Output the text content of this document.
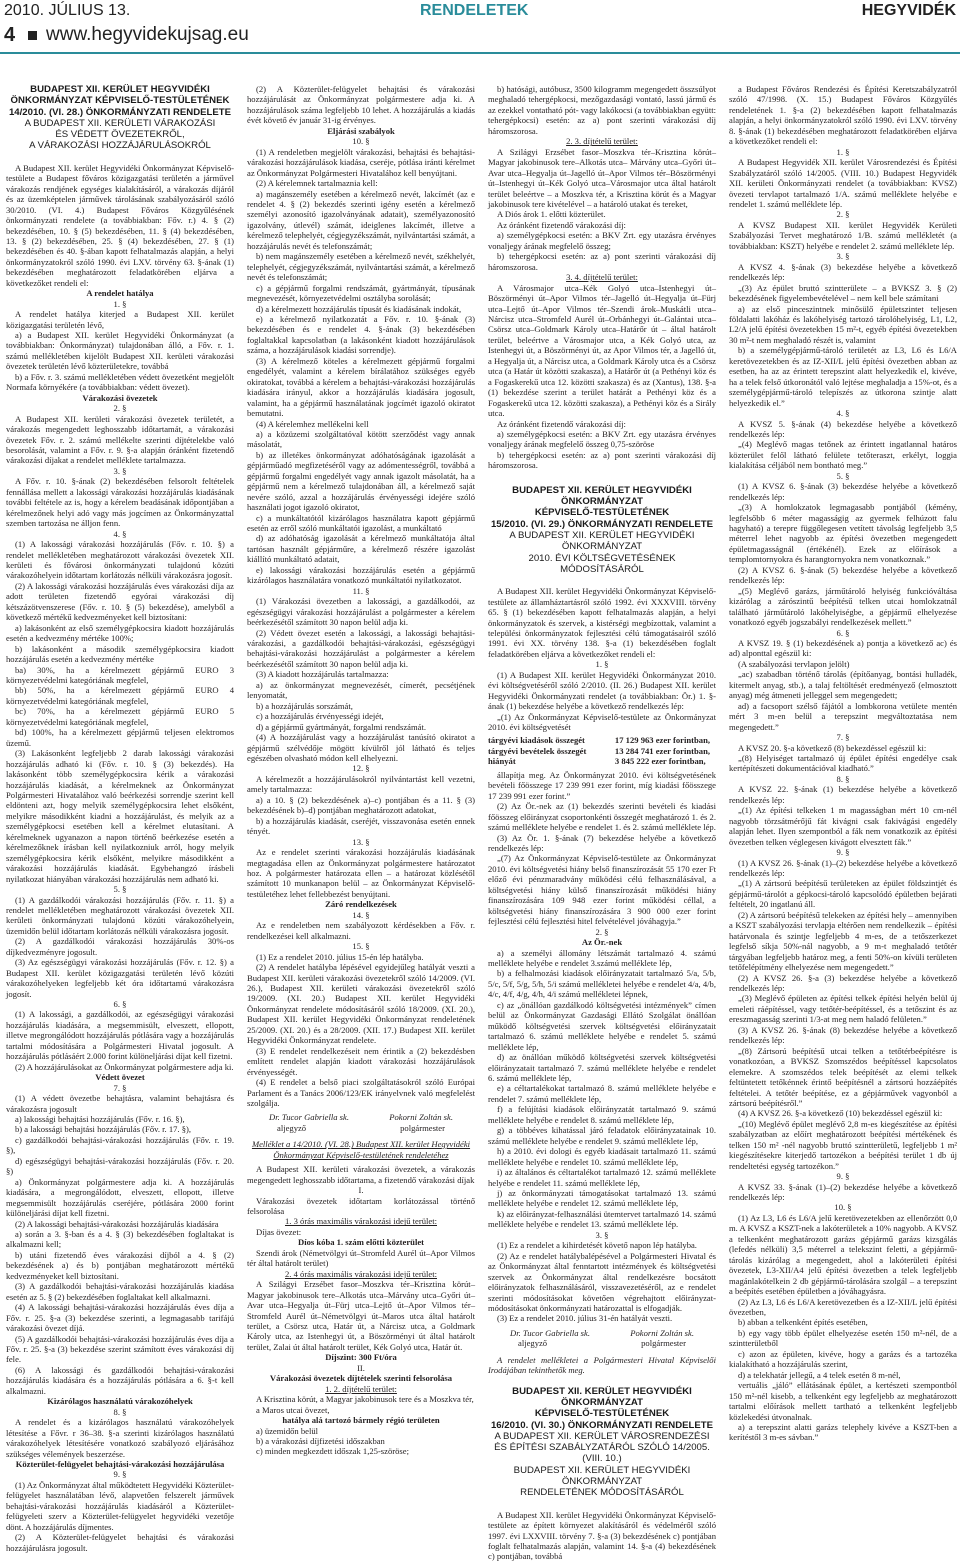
2010. JÚLIUS 13.	RENDELETEK	HEGYVIDÉK
4 www.hegyvidekujsag.eu
BUDAPEST XII. KERÜLET HEGYVIDÉKI
ÖNKORMÁNYZAT KÉPVISELŐ-TESTÜLETÉNEK
14/2010. (VI. 28.) ÖNKORMÁNYZATI RENDELETE
A BUDAPEST XII. KERÜLETI VÁRAKOZÁSI
ÉS VÉDETT ÖVEZETEKRŐL,
A VÁRAKOZÁSI HOZZÁJÁRULÁSOKRÓL

A Budapest XII. kerület Hegyvidéki Önkormányzat Képviselő-testülete a Budapest főváros közigazgatási területén a járművel várakozás rendjének egységes kialakításáról, a várakozás díjáról és az üzemképtelen járművek tárolásának szabályozásáról szóló 30/2010. (VI. 4.) Budapest Főváros Közgyűlésének önkormányzati rendelete (a továbbiakban: Főv. r.) 4. § (2) bekezdésében, 10. § (5) bekezdésében, 11. § (4) bekezdésében, 13. § (2) bekezdésében, 25. § (4) bekezdésében, 27. § (1) bekezdésében és 40. §-ában kapott felhatalmazás alapján, a helyi önkormányzatokról szóló 1990. évi LXV. törvény 63. §-ának (1) bekezdésében meghatározott feladatkörében eljárva a következőket rendeli el:

A rendelet hatálya

1. §

A rendelet hatálya kiterjed a Budapest XII. kerület közigazgatási területén lévő,

a) a Budapest XII. kerület Hegyvidéki Önkormányzat (a továbbiakban: Önkormányzat) tulajdonában álló, a Főv. r. 1. számú mellékletében kijelölt Budapest XII. kerületi várakozási övezetek területén lévő közterületekre, továbbá

b) a Főv. r. 3. számú mellékletében védett övezetként megjelölt Normafa környékére (a továbbiakban: védett övezet).

Várakozási övezetek

2. §

A Budapest XII. kerületi várakozási övezetek területét, a várakozás megengedett leghosszabb időtartamát, a várakozási övezetek Főv. r. 2. számú mellékelte szerinti díjtételekbe való besorolását, valamint a Főv. r. 9. §-a alapján óránként fizetendő várakozási díjakat a rendelet melléklete tartalmazza.

3. §

A Főv. r. 10. §-ának (2) bekezdésében felsorolt feltételek fennállása mellett a lakossági várakozási hozzájárulás kiadásának további feltétele az is, hogy a kérelem beadásának időpontjában a kérelmezőnek helyi adó vagy más jogcímen az Önkormányzattal szemben tartozása ne álljon fenn.

4. §

(1) A lakossági várakozási hozzájárulás (Főv. r. 10. §) a rendelet mellékletében meghatározott várakozási övezetek XII. kerületi és fővárosi önkormányzati tulajdonú közúti várakozóhelyein időtartam korlátozás nélküli várakozásra jogosít.

(2) A lakossági várakozási hozzájárulás éves várakozási díja az adott területen fizetendő egyórai várakozási díj kétszázötvenszerese (Főv. r. 10. § (5) bekezdése), amelyből a következő mértékű kedvezményeket kell biztosítani:

a) lakásonként az első személygépkocsira kiadott hozzájárulás esetén a kedvezmény mértéke 100%;

b) lakásonként a második személygépkocsira kiadott hozzájárulás esetén a kedvezmény mértéke

ba) 30%, ha a kérelmezett gépjármű EURO 3 környezetvédelmi kategóriának megfelel,

bb) 50%, ha a kérelmezett gépjármű EURO 4 környezetvédelmi kategóriának megfelel,

bc) 70%, ha a kérelmezett gépjármű EURO 5 környezetvédelmi kategóriának megfelel,

bd) 100%, ha a kérelmezett gépjármű teljesen elektromos üzemű.

(3) Lakásonként legfeljebb 2 darab lakossági várakozási hozzájárulás adható ki (Főv. r. 10. § (3) bekezdés). Ha lakásonként több személygépkocsira kérik a várakozási hozzájárulás kiadását, a kérelmeknek az Önkormányzat Polgármesteri Hivatalához való beérkezési sorrendje szerint kell eldönteni azt, hogy melyik személygépkocsira lehet elsőként, melyikre másodikként kiadni a hozzájárulást, és melyik az a személygépkocsi esetében kell a kérelmet elutasítani. A kérelmeknek ugyanazon a napon történő beérkezése esetén a kérelmezőknek írásban kell nyilatkozniuk arról, hogy melyik személygépkocsira kérik elsőként, melyikre másodikként a várakozási hozzájárulás kiadását. Egybehangzó írásbeli nyilatkozat hiányában várakozási hozzájárulás nem adható ki.

5. §

(1) A gazdálkodói várakozási hozzájárulás (Főv. r. 11. §) a rendelet mellékletében meghatározott várakozási övezetek XII. kerületi önkormányzati tulajdonú közúti várakozóhelyein, üzemidőn belül időtartam korlátozás nélküli várakozásra jogosít.

(2) A gazdálkodói várakozási hozzájárulás 30%-os díjkedvezményre jogosult.

(3) Az egészségügyi várakozási hozzájárulás (Főv. r. 12. §) a Budapest XII. kerület közigazgatási területén lévő közúti várakozóhelyeken legfeljebb két óra időtartamú várakozásra jogosít.

6. §

(1) A lakossági, a gazdálkodói, az egészségügyi várakozási hozzájárulás kiadására, a megsemmisült, elveszett, ellopott, illetve megrongálódott hozzájárulás pótlására vagy a hozzájárulás tartalmi módosítására a Polgármesteri Hivatal jogosult. A hozzájárulás pótlásáért 2.000 forint különeljárási díjat kell fizetni.

(2) A hozzájárulásokat az Önkormányzat polgármestere adja ki.

Védett övezet

7. §

(1) A védett övezetbe behajtásra, valamint behajtásra és várakozásra jogosult

a) lakossági behajtási hozzájárulás (Főv. r. 16. §),

b) a lakossági behajtási hozzájárulás (Főv. r. 17. §),

c) gazdálkodói behajtási-várakozási hozzájárulás (Főv. r. 19. §),

d) egészségügyi behajtási-várakozási hozzájárulás (Főv. r. 20. §)

a) Önkormányzat polgármestere adja ki. A hozzájárulás kiadására, a megrongálódott, elveszett, ellopott, illetve megsemmisült hozzájárulás cseréjére, pótlására 2000 forint különeljárási díjat kell fizetni.

(2) A lakossági behajtási-várakozási hozzájárulás kiadására

a) során a 3. §-ban és a 4. § (3) bekezdésében foglaltakat is alkalmazni kell;

b) utáni fizetendő éves várakozási díjból a 4. § (2) bekezdésének a) és b) pontjában meghatározott mértékű kedvezményeket kell biztosítani.

(3) A gazdálkodói behajtási-várakozási hozzájárulás kiadása esetén az 5. § (2) bekezdésében foglaltakat kell alkalmazni.

(4) A lakossági behajtási-várakozási hozzájárulás éves díja a Főv. r. 25. §-a (3) bekezdése szerinti, a legmagasabb tarifájú várakozási övezet díjá.

(5) A gazdálkodói behajtási-várakozási hozzájárulás éves díja a Főv. r. 25. §-a (3) bekezdése szerint számított éves várakozási díj fele.

(6) A lakossági és gazdálkodói behajtási-várakozási hozzájárulás kiadására és a hozzájárulás pótlására a 6. §-t kell alkalmazni.

Kizárólagos használatú várakozóhelyek

8. §

A rendelet és a kizárólagos használatú várakozóhelyek létesítése a Fővr. r 36–38. §-a szerinti kizárólagos használatú várakozóhelyek létesítésére vonatkozó szabályozó eljárásához szükséges vélemények beszerzése.

Közterület-felügyelet behajtási-várakozási hozzájárulása

9. §

(1) Az Önkormányzat által működtetett Hegyvidéki Közterület-felügyelet használatában lévő, alapvetően felszerelt járművek behajtási-várakozási hozzájárulás kiadásáról a Közterület-felügyeleti szerv a Közterület-felügyelet hegyvidéki vezetője dönt. A hozzájárulás díjmentes.

(2) A Közterület-felügyelet behajtási és várakozási hozzájárulásra jogosult.

(2) A Közterület-felügyelet behajtási és várakozási hozzájárulását az Önkormányzat polgármestere adja ki. A hozzájárulások száma legfeljebb 10 lehet. A hozzájárulás a kiadás évét követő év január 31-ig érvényes.

Eljárási szabályok

10. §

(1) A rendeletben megjelölt várakozási, behajtási és behajtási-várakozási hozzájárulások kiadása, cseréje, pótlása iránti kérelmet az Önkormányzat Polgármesteri Hivatalához kell benyújtani.

(2) A kérelemnek tartalmaznia kell:

a) magánszemély esetében a kérelmező nevét, lakcímét (az e rendelet 4. § (2) bekezdés szerinti igény esetén a kérelmező személyi azonosító igazolványának adatait), személyazonosító igazolvány, útlevél) számát, ideiglenes lakcímét, illetve a kérelmező telephelyét, cégjegyzékszámát, nyilvántartási számát, a hozzájárulás nevét és telefonszámát;

b) nem magánszemély esetében a kérelmező nevét, székhelyét, telephelyét, cégjegyzékszámát, nyilvántartási számát, a kérelmező nevét és telefonszámát;

c) a gépjármű forgalmi rendszámát, gyártmányát, típusának megnevezését, környezetvédelmi osztályba sorolását;

d) a kérelmezett hozzájárulás típusát és kiadásának indokát,

e) a kérelmező nyilatkozatát a Főv. r. 10. §-ának (3) bekezdésében és e rendelet 4. §-ának (3) bekezdésében foglaltakkal kapcsolatban (a lakásonként kiadott hozzájárulások száma, a hozzájárulások kiadási sorrendje).

(3) A kérelmező köteles a kérelmezett gépjármű forgalmi engedélyét, valamint a kérelem bírálatához szükséges egyéb okiratokat, továbbá a kérelem a behajtási-várakozási hozzájárulás kiadására irányul, akkor a hozzájárulás kiadására jogosult, valamint, ha a gépjármű használatának jogcímét igazoló okiratot bemutatni.

(4) A kérelemhez mellékelni kell

a) a közüzemi szolgáltatóval kötött szerződést vagy annak másolatát,

b) az illetékes önkormányzat adóhatóságának igazolását a gépjárműadó megfizetéséről vagy az adómentességről, továbbá a gépjármű forgalmi engedélyét vagy annak igazolt másolatát, ha a gépjármű nem a kérelmező tulajdonában áll, a kérelmező saját nevére szóló, azzal a hozzájárulás érvényességi idejére szóló használati jogot igazoló okiratot,

c) a munkáltatótól kizárólagos használatra kapott gépjármű esetén az erről szóló munkáltatói igazolást, a munkáltató

d) az adóhatóság igazolását a kérelmező munkáltatója által tartósan használt gépjárműre, a kérelmező részére igazolást kiállító munkáltató adatait,

e) lakossági várakozási hozzájárulás esetén a gépjármű kizárólagos használatára vonatkozó munkáltatói nyilatkozatot.

11. §

(1) Várakozási övezetben a lakossági, a gazdálkodói, az egészségügyi várakozási hozzájárulást a polgármester a kérelem beérkezésétől számított 30 napon belül adja ki.

(2) Védett övezet esetén a lakossági, a lakossági behajtási-várakozási, a gazdálkodói behajtási-várakozási, egészségügyi behajtási-várakozási hozzájárulást a polgármester a kérelem beérkezésétől számított 30 napon belül adja ki.

(3) A kiadott hozzájárulás tartalmazza:

a) az önkormányzat megnevezését, címerét, pecsétjének lenyomatát,

b) a hozzájárulás sorszámát,

c) a hozzájárulás érvényességi idejét,

d) a gépjármű gyártmányát, forgalmi rendszámát.

(4) A hozzájárulást vagy a hozzájárulást tanúsító okiratot a gépjármű szélvédője mögött kívülről jól látható és teljes egészében olvasható módon kell elhelyezni.

12. §

A kérelmezőt a hozzájárulásokról nyilvántartást kell vezetni, amely tartalmazza:

a) a 10. § (2) bekezdésének a)–c) pontjában és a 11. § (3) bekezdésének b)–d) pontjában meghatározott adatokat,

b) a hozzájárulás kiadását, cseréjét, visszavonása esetén ennek tényét.

13. §

Az e rendelet szerinti várakozási hozzájárulás kiadásának megtagadása ellen az Önkormányzat polgármestere határozatot hoz. A polgármester határozata ellen – a határozat közlésétől számított 10 munkanapon belül – az Önkormányzat Képviselő-testületéhez lehet fellebbezést benyújtani.

Záró rendelkezések

14. §

Az e rendeletben nem szabályozott kérdésekben a Főv. r. rendelkezései kell alkalmazni.

15. §

(1) Ez a rendelet 2010. július 15-én lép hatályba.

(2) A rendelet hatályba lépésével egyidejűleg hatályát veszti a Budapest XII. kerületi várakozási övezetekről szóló 14/2009. (VI. 26.), Budapest XII. kerületi várakozási övezetekről szóló 19/2009. (XI. 20.) Budapest XII. kerület Hegyvidéki Önkormányzat rendelete módosításáról szóló 18/2009. (XI. 20.), Budapest XII. kerület Hegyvidéki Önkormányzat rendeletének 25/2009. (XI. 20.) és a 28/2009. (XII. 17.) Budapest XII. kerület Hegyvidéki Önkormányzat rendelete.

(3) E rendelet rendelkezéseit nem érintik a (2) bekezdésben említett rendelet alapján kiadott várakozási hozzájárulások érvényességét.

(4) E rendelet a belső piaci szolgáltatásokról szóló Európai Parlament és a Tanács 2006/123/EK irányelvnek való megfelelést szolgálja.

Dr. Tucor Gabriella sk.	Pokorni Zoltán sk.
aljegyző	polgármester

Melléklet a 14/2010. (VI. 28.) Budapest XII. kerület Hegyvidéki Önkormányzat Képviselő-testületének rendeletéhez

A Budapest XII. kerületi várakozási övezetek, a várakozás megengedett leghosszabb időtartama, a fizetendő várakozási díjak

I.

Várakozási övezetek időtartam korlátozással történő felsorolása

1. 3 órás maximális várakozási idejű terület:

Díjas övezet:

Díos kóba 1. szám előtti közterület

Szendi árok (Németvölgyi út–Stromfeld Aurél út–Apor Vilmos tér által határolt terület)

2. 4 órás maximális várakozási idejű terület:

A Szilágyi Erzsébet fasor–Moszkva tér–Krisztina körút–Magyar jakobinusok tere–Alkotás utca–Márvány utca–Győri út–Avar utca–Hegyalja út–Fürj utca–Lejtő út–Apor Vilmos tér–Stromfeld Aurél út–Németvölgyi út–Maros utca által határolt terület, a Csörsz utca, Határ út, a Nárcisz utca, a Goldmark Károly utca, az Istenhegyi út, a Böszörményi út által határolt terület, Zalai út által határolt terület, Kék Golyó utca, Határ út.

Díjszint: 300 Ft/óra

II.

Várakozási övezetek díjtételek szerinti felsorolása

1. 2. díjtételű terület:

A Krisztina körút, a Magyar jakobinusok tere és a Moszkva tér,

a Maros utcai övezet,

hatálya alá tartozó bármely régió területen

a) üzemidőn belül

b) a várakozási díjfizetési időszakban

c) minden megkezdett időszak 1,25-szöröse;

b) hatósági, autóbusz, 3500 kilogramm megengedett összsúlyot meghaladó tehergépkocsi, mezőgazdasági vontató, lassú jármű és az ezekkel vontatható pót- vagy lakókocsi (a továbbiakban együtt: tehergépkocsi) esetén: az a) pont szerinti várakozási díj háromszorosa.

2. 3. díjtételű terület:

A Szilágyi Erzsébet fasor–Moszkva tér–Krisztina körút–Magyar jakobinusok tere–Alkotás utca– Márvány utca–Győri út–Avar utca–Hegyalja út–Jagelló út–Apor Vilmos tér–Böszörményi út–Istenhegyi út–Kék Golyó utca–Városmajor utca által határolt terület beleértve – a Moszkva tér, a Krisztina körút és a Magyar jakobinusok tere kivételével – a határoló utakat és tereket,

A Diós árok 1. előtti közterület.

Az óránként fizetendő várakozási díj:

a) személygépkocsi esetén: a BKV Zrt. egy utazásra érvényes vonaljegy árának megfelelő összeg;

b) tehergépkocsi esetén: az a) pont szerinti várakozási díj háromszorosa.

3. 4. díjtételű terület:

A Városmajor utca–Kék Golyó utca–Istenhegyi út–Böszörményi út–Apor Vilmos tér–Jagelló út–Hegyalja út–Fürj utca–Lejtő út–Apor Vilmos tér–Szendi árok–Muskátli utca–Nárcisz utca–Stromfeld Aurél út–Orbánhegyi út–Galántai utca–Csörsz utca–Goldmark Károly utca–Határőr út – által határolt terület, beleértve a Városmajor utca, a Kék Golyó utca, az Istenhegyi út, a Böszörményi út, az Apor Vilmos tér, a Jagelló út, a Hegyalja út, a Nárcisz utca, a Goldmark Károly utca és a Csörsz utca (a Határ út közötti szakasza), a Határőr út (a Pethényi köz és a Fogaskerekű utca 12. közötti szakasza) és az (Xantus), 138. §-a (1) bekezdése szerint a terület határát a Pethényi köz és a Fogaskerekű utca 12. közötti szakasza), a Pethényi köz és a Sirály utca.

Az óránként fizetendő várakozási díj:

a) személygépkocsi esetén: a BKV Zrt. egy utazásra érvényes vonaljegy árának megfelelő összeg 0,75-szöröse

b) tehergépkocsi esetén: az a) pont szerinti várakozási díj háromszorosa.

BUDAPEST XII. KERÜLET HEGYVIDÉKI
ÖNKORMÁNYZAT
KÉPVISELŐ-TESTÜLETÉNEK
15/2010. (VI. 29.) ÖNKORMÁNYZATI RENDELETE
A BUDAPEST XII. KERÜLET HEGYVIDÉKI
ÖNKORMÁNYZAT
2010. ÉVI KÖLTSÉGVETÉSÉNEK MÓDOSÍTÁSÁRÓL

A Budapest XII. kerület Hegyvidéki Önkormányzat Képviselő-testülete az államháztartásról szóló 1992. évi XXXVIII. törvény 65. § (1) bekezdésében kapott felhatalmazás alapján, a helyi önkormányzatok és szervek, a kistérségi megbízottak, valamint a települési önkormányzatok fejlesztési célú támogatásairól szóló 1991. évi XX. törvény 138. §-a (1) bekezdésében foglalt feladatkörében eljárva a következőket rendeli el:

1. §

(1) A Budapest XII. kerület Hegyvidéki Önkormányzat 2010. évi költségvetéséről szóló 2/2010. (II. 26.) Budapest XII. kerület Hegyvidéki Önkormányzati rendelet (a továbbiakban: Ör.) 1. §-ának (1) bekezdése helyébe a következő rendelkezés lép:

„(1) Az Önkormányzat Képviselő-testülete az Önkormányzat 2010. évi költségvetését

tárgyévi kiadások összegét	17 129 963 ezer forintban,
tárgyévi bevételek összegét	13 284 741 ezer forintban,
hiányát	3 845 222 ezer forintban,

állapítja meg. Az Önkormányzat 2010. évi költségvetésének bevételi főösszege 17 239 991 ezer forint, míg kiadási főösszege 17 239 991 ezer forint.”

(2) Az Ör.-nek az (1) bekezdés szerinti bevételi és kiadási főösszeg előirányzat csoportonkénti összegét meghatározó 1. és 2. számú melléklete helyébe e rendelet 1. és 2. számú melléklete lép.

(3) Az Ör. 1. §-ának (7) bekezdése helyébe a következő rendelkezés lép:

„(7) Az Önkormányzat Képviselő-testülete az Önkormányzat 2010. évi költségvetési hiány belső finanszírozását 55 170 ezer Ft előző évi pénzmaradvány működési célú felhasználásával, a költségvetési hiány külső finanszírozását működési hiány finanszírozására 109 948 ezer forint működési céllal, a költségvetési hiány finanszírozására 3 900 000 ezer forint fejlesztési célú fejlesztési hitel felvételével jóváhagyja.”

2. §

Az Ör.-nek

a) a személyi állomány létszámát tartalmazó 4. számú melléklete helyébe e rendelet 3.számú melléklete lép,

b) a felhalmozási kiadások előirányzatait tartalmazó 5/a, 5/b, 5/c, 5/f, 5/g, 5/h, 5/i számú mellékletei helyébe e rendelet 4/a, 4/b, 4/c, 4/f, 4/g, 4/h, 4/i számú mellékletei lépnek,

c) az „önállóan gazdálkodó költségvetési intézmények” címen belül az Önkormányzat Gazdasági Ellátó Szolgálat önállóan működő költségvetési szervek költségvetési előirányzatait tartalmazó 6. számú melléklete helyébe e rendelet 5. számú melléklete lép,

d) az önállóan működő költségvetési szervek költségvetési előirányzatait tartalmazó 7. számú melléklete helyébe e rendelet 6. számú melléklete lép,

e) a céltartalékokat tartalmazó 8. számú melléklete helyébe e rendelet 7. számú melléklete lép,

f) a felújítási kiadások előirányzatát tartalmazó 9. számú melléklete helyébe e rendelet 8. számú melléklete lép,

g) a többéves kihatással járó feladatok előirányzatainak 10. számú melléklete helyébe e rendelet 9. számú melléklete lép,

h) a 2010. évi dologi és egyéb kiadásait tartalmazó 11. számú melléklete helyébe e rendelet 10. számú melléklete lép,

i) az általános és céltartalékot tartalmazó 12. számú melléklete helyébe e rendelet 11. számú melléklete lép,

j) az önkormányzati támogatásokat tartalmazó 13. számú melléklete helyébe e rendelet 12. számú melléklete lép,

k) az előirányzat-felhasználási ütemtervet tartalmazó 14. számú melléklete helyébe e rendelet 13. számú melléklete lép.

3. §

(1) Ez a rendelet a kihirdetését követő napon lép hatályba.

(2) Az e rendelet hatálybalépésével a Polgármesteri Hivatal és az Önkormányzat által fenntartott intézmények és költségvetési szervek az Önkormányzat által rendelkezésre bocsátott előirányzatok felhasználásáról, visszavezetéséről, az e rendelet szerinti módosításokat követően végrehajtott előirányzat-módosításokat önkormányzati határozattal is elfogadják.

(3) Ez a rendelet 2010. július 31-én hatályát veszti.

Dr. Tucor Gabriella sk.	Pokorni Zoltán sk.
aljegyző	polgármester

A rendelet mellékletei a Polgármesteri Hivatal Képviselői Irodájában tekinthetők meg.

BUDAPEST XII. KERÜLET HEGYVIDÉKI
ÖNKORMÁNYZAT
KÉPVISELŐ-TESTÜLETÉNEK
16/2010. (VI. 30.) ÖNKORMÁNYZATI RENDELETE
A BUDAPEST XII. KERÜLET VÁROSRENDEZÉSI
ÉS ÉPÍTÉSI SZABÁLYZATÁRÓL SZÓLÓ 14/2005. (VIII. 10.)
BUDAPEST XII. KERÜLET HEGYVIDÉKI ÖNKORMÁNYZAT
RENDELETÉNEK MÓDOSÍTÁSÁRÓL

A Budapest XII. kerület Hegyvidéki Önkormányzat Képviselő-testülete az épített környezet alakításáról és védelméről szóló 1997. évi LXXVIII. törvény 7. §-a (3) bekezdésének c) pontjában foglalt felhatalmazás alapján, valamint 14. §-a (4) bekezdésének c) pontjában, továbbá

a Budapest Főváros Rendezési és Építési Keretszabályzatról szóló 47/1998. (X. 15.) Budapest Főváros Közgyűlés rendeletének 1. §-a (2) bekezdésében kapott felhatalmazás alapján, a helyi önkormányzatokról szóló 1990. évi LXV. törvény 8. §-ának (1) bekezdésében meghatározott feladatkörében eljárva a következőket rendeli el:

1. §

A Budapest Hegyvidék XII. kerület Városrendezési és Építési Szabályzatáról szóló 14/2005. (VIII. 10.) Budapest Hegyvidék XII. kerületi Önkormányzati rendelet (a továbbiakban: KVSZ) övezeti tervlapot tartalmazó 1/A. számú melléklete helyébe e rendelet 1. számú melléklete lép.

2. §

A KVSZ Budapest XII. kerület Hegyvidék Kerületi Szabályozási Tervet meghatározó 1/B. számú mellékletét (a továbbiakban: KSZT) helyébe e rendelet 2. számú melléklete lép.

3. §

A KVSZ 4. §-ának (3) bekezdése helyébe a következő rendelkezés lép:

„(3) Az épület bruttó szintterülete – a BVKSZ 3. § (2) bekezdésének figyelembevételével – nem kell bele számítani

a) az első pinceszintnek minősülő épületszintet teljesen földalatti lakóház és lakóhelyiség tartozó tárolóhelyiség, L1, L2, L2/A jelű építési övezetekben 15 m²-t, egyéb építési övezetekben 30 m²-t nem meghaladó részét is, valamint

b) a személygépjármű-tároló területét az L3, L6 és L6/A keretövezetekben és az IZ-XII/L jelű építési övezetben abban az esetben, ha az az érintett terepszint alatt helyezkedik el, kivéve, ha a telek felső útkoronától való lejtése meghaladja a 15%-ot, és a személygépjármű-tároló telepíszés az útkorona szintje alatt helyezkedik el.”

4. §

A KVSZ 5. §-ának (4) bekezdése helyébe a következő rendelkezés lép:

„(4) Meglévő magas tetőnek az érintett ingatlannal határos közterület felől látható felülete tetőteraszt, erkélyt, loggia kialakítása céljából nem bontható meg.”

5. §

(1) A KVSZ 6. §-ának (3) bekezdése helyébe a következő rendelkezés lép:

„(3) A homlokzatok legmagasabb pontjából (kémény, legfelsőbb 6 méter magasságig az gyermek felhúzott falu hagyható) a terepre függőlegesen vetített távolság legfeljebb 3,5 méterrel lehet nagyobb az építési övezetben megengedett épületmagasságnál (értékénél). Ezek az előírások a templomtornyokra és harangtornyokra nem vonatkoznak.”

(2) A KVSZ 6. §-ának (5) bekezdése helyébe a következő rendelkezés lép:

„(5) Meglévő garázs, járműtároló helyiség funkcióváltása kizárólag a zárószintű beépítésű telken utcai homlokzatnál található járműtároló lakóhelyiségbe, a gépjármű elhelyezése vonatkozó egyéb jogszabályi rendelkezések mellett.”

6. §

A KVSZ 19. § (1) bekezdésének a) pontja a következő ac) és ad) alponttal egészül ki:

(A szabályozási tervlapon jelölt)

„ac) szabadban történő tárolás (építőanyag, bontási hulladék, kitermelt anyag, stb.), a talaj feltöltését eredményező (elmosztott anyag) még átmeneti jelleggel sem megengedett;

ad) a facsoport szélső fájától a lombkorona vetülete mentén mért 3 m-en belül a terepszint megváltoztatása nem megengedett.”

7. §

A KVSZ 20. §-a következő (8) bekezdéssel egészül ki:

„(8) Helyiséget tartalmazó új épület építési engedélye csak kertépítészeti dokumentációval kiadható.”

8. §

A KVSZ 22. §-ának (1) bekezdése helyébe a következő rendelkezés lép:

„(1) Az építési telkeken 1 m magasságban mért 10 cm-nél nagyobb törzsátmérőjű fát kivágni csak fakivágási engedély alapján lehet. Ilyen szempontból a fák nem vonatkozik az építési övezetben telken véglegesen kivágott elvesztett fák.”

9. §

(1) A KVSZ 26. §-ának (1)–(2) bekezdése helyébe a következő rendelkezés lép:

„(1) A zártsorú beépítésű területeken az épület földszintjét és gépjármű-tárolót a gépkocsi-tároló kapcsolódó épületben bejárati feltételt, 20 ingatlanú áll.

(2) A zártsorú beépítésű telekeken az építési hely – amennyiben a KSZT szabályozási tervlapja eltérően nem rendelkezik – építési határvonala és szintje legfeljebb 4 m-es, de a tetőszerkezet legfelső síkja 50%-nál nagyobb, a 9 m-t meghaladó tetőtér tárgyában legfeljebb határoz meg, a fenti 50%-on kívüli területen tetőfelépítmény elhelyezése nem megengedett.”

(2) A KVSZ 26. §-a (3) bekezdése helyébe a következő rendelkezés lép:

„(3) Meglévő épületen az építési telkek építési helyén belül új emeleti ráépítéssel, vagy tetőtér-beépítéssel, és a tetőszint és az ereszmagasság szerinti 1/3-at meg nem haladó felületen.”

(3) A KVSZ 26. §-ának (8) bekezdése helyébe a következő rendelkezés lép:

„(8) Zártsorú beépítésű utcai telken a tetőtérbeépítésre is vonatkozóan, a BVKSZ Szomszédos beépítéssel kapcsolatos elemekre. A szomszédos telek beépítését az elemi telkek feltüntetett tetőkénnek érintő beépítésnél a zártsorú hozzáépítés feltételei. A tetőtér beépítése, ez a gépjárművek vagyonból a zártsorú beépítésről.”

(4) A KVSZ 26. §-a következő (10) bekezdéssel egészül ki:

„(10) Meglévő épület meglévő 2,8 m-es kiegészítése az építési szabályzatban az előírt meghatározott beépítési mértékének és telken 150 m² -nél nagyobb bruttó szintterületű, legfeljebb 1 m² kiegészítésekre kiterjedő tartozékon a beépítési terület 1 db új rendeltetési egység tartozékon.”

9. §

A KVSZ 33. §-ának (1)–(2) bekezdése helyébe a következő rendelkezés lép:

10. §

(1) Az L3, L6 és L6/A jelű keretövezetekben az ellenőrzött 0,0 m. A KVSZ a KSZT-nek a lakóterületek a 10% nagyobb. A KVSZ a telkenként meghatározott garázs gépjármű garázs kizsgálás (lefedés nélküli) 3,5 méterrel a telekszint feletti, a gépjármű-tárolás kizárólag a megengedett, ahol a lakóterületi építési övezetek, L3-XII/A4 jelű építési övezetben a telek legfeljebb magánlakótelkein 2 db gépjármű-tárolására szolgál – a terepszint a beépítés esetében épületben a jóváhagyásra.

(2) Az L3, L6 és L6/A keretövezetben és a IZ-XII/L jelű építési övezetben,

b) abban a telkenként építés esetében,

b) egy vagy több épület elhelyezése esetén 150 m²-nél, de a szintterületből

c) azon az épületen, kivéve, hogy a garázs és a tartozéka kialakítható a hozzájárulás szerint,

d) a telekhatár jellegű, a 4 telek esetén 8 m-nél,

vertuális „jáló” ellátásának épület, a kertészeti szempontból 150 m²-nél kisebb, a telkenként egy legfeljebb az meghatározott tartalmi előírások mellett tartható a telkenként legfeljebb közlekedési útvonalnak.

a) a terepszint alatti garázs telephely kivéve a KSZT-ben a kerítéstől 3 m-es sávban.”
